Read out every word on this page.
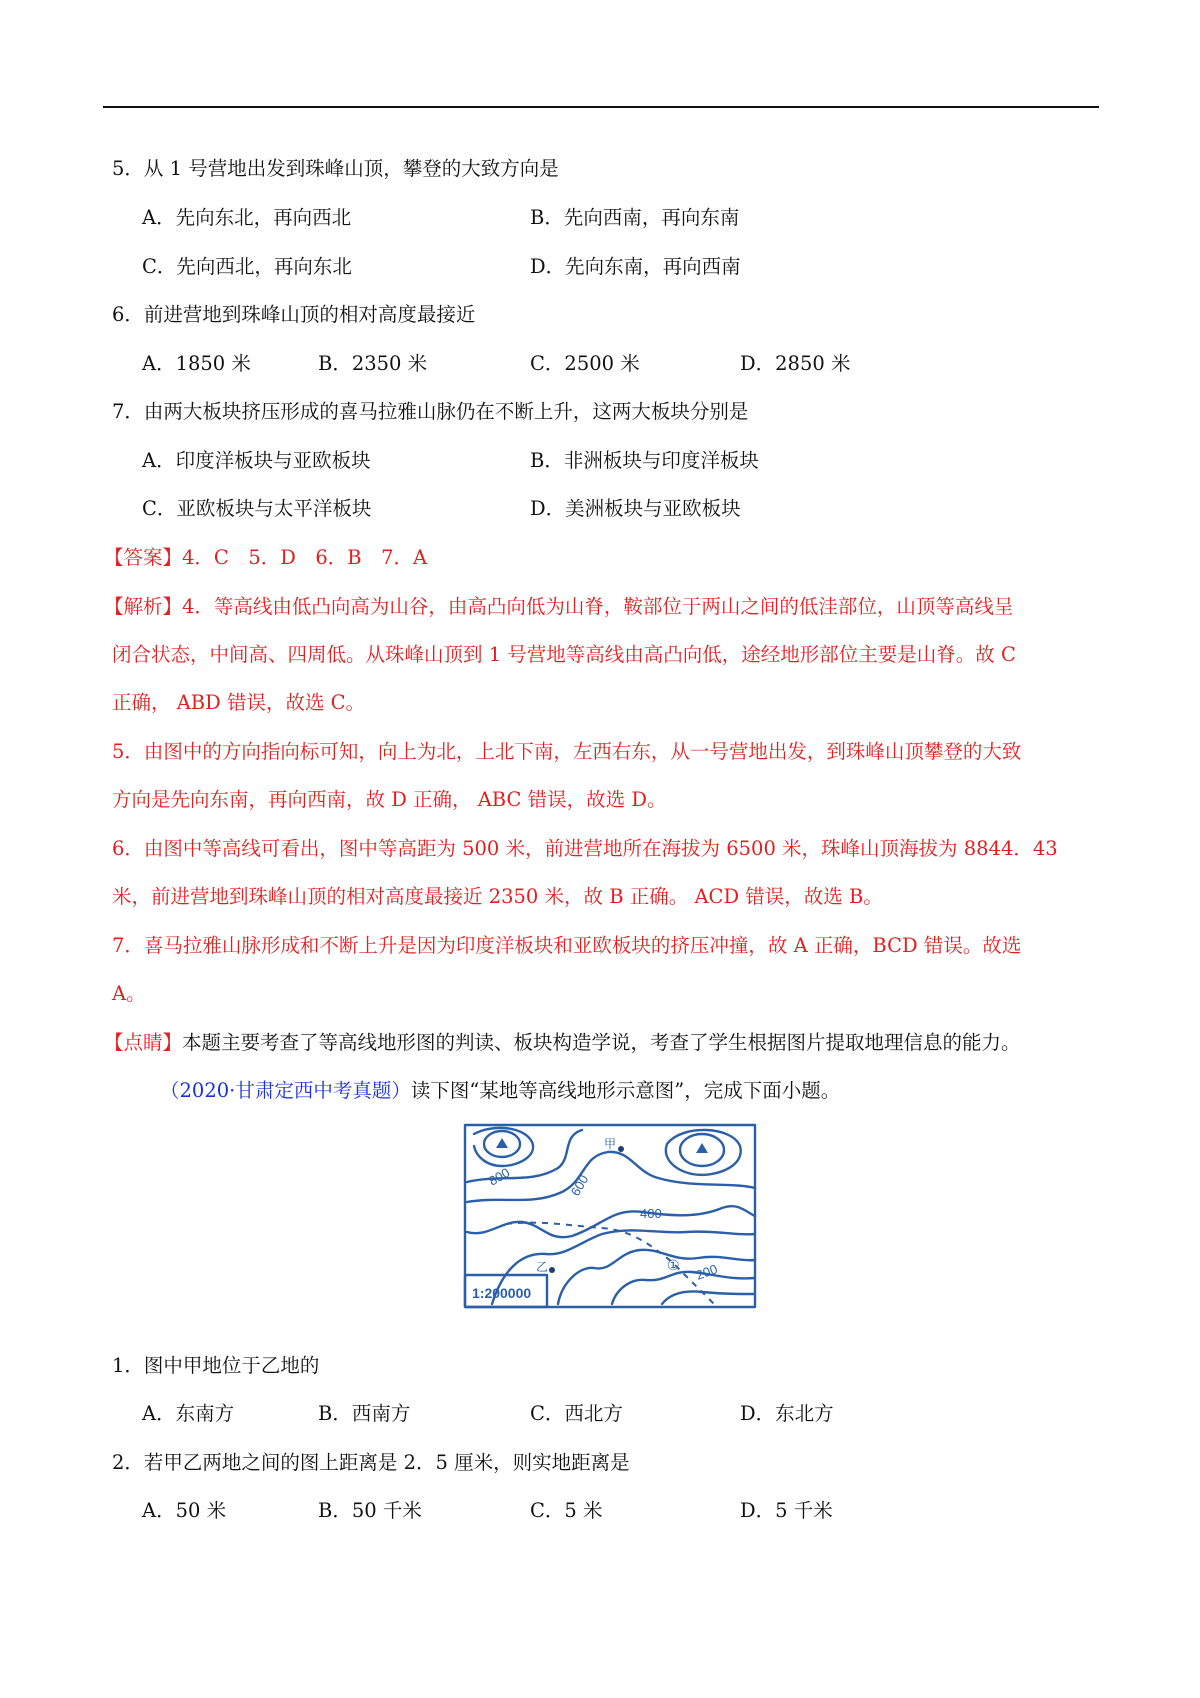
5．从 1 号营地出发到珠峰山顶，攀登的大致方向是
A．先向东北，再向西北	B．先向西南，再向东南
C．先向西北，再向东北	D．先向东南，再向西南
6．前进营地到珠峰山顶的相对高度最接近
A．1850 米	B．2350 米	C．2500 米	D．2850 米
7．由两大板块挤压形成的喜马拉雅山脉仍在不断上升，这两大板块分别是
A．印度洋板块与亚欧板块	B．非洲板块与印度洋板块
C．亚欧板块与太平洋板块	D．美洲板块与亚欧板块
【答案】4．C　5．D　6．B　7．A
【解析】4．等高线由低凸向高为山谷，由高凸向低为山脊，鞍部位于两山之间的低洼部位，山顶等高线呈
闭合状态，中间高、四周低。从珠峰山顶到 1 号营地等高线由高凸向低，途经地形部位主要是山脊。故 C
正确， ABD 错误，故选 C。
5．由图中的方向指向标可知，向上为北，上北下南，左西右东，从一号营地出发，到珠峰山顶攀登的大致
方向是先向东南，再向西南，故 D 正确， ABC 错误，故选 D。
6．由图中等高线可看出，图中等高距为 500 米，前进营地所在海拔为 6500 米，珠峰山顶海拔为 8844．43
米，前进营地到珠峰山顶的相对高度最接近 2350 米，故 B 正确。 ACD 错误，故选 B。
7．喜马拉雅山脉形成和不断上升是因为印度洋板块和亚欧板块的挤压冲撞，故 A 正确，BCD 错误。故选
A。
【点睛】本题主要考查了等高线地形图的判读、板块构造学说，考查了学生根据图片提取地理信息的能力。
（2020·甘肃定西中考真题）读下图“某地等高线地形示意图”，完成下面小题。
800	600
400
200
甲
乙	①
1:200000
1．图中甲地位于乙地的
A．东南方	B．西南方	C．西北方	D．东北方
2．若甲乙两地之间的图上距离是 2．5 厘米，则实地距离是
A．50 米	B．50 千米	C．5 米	D．5 千米
